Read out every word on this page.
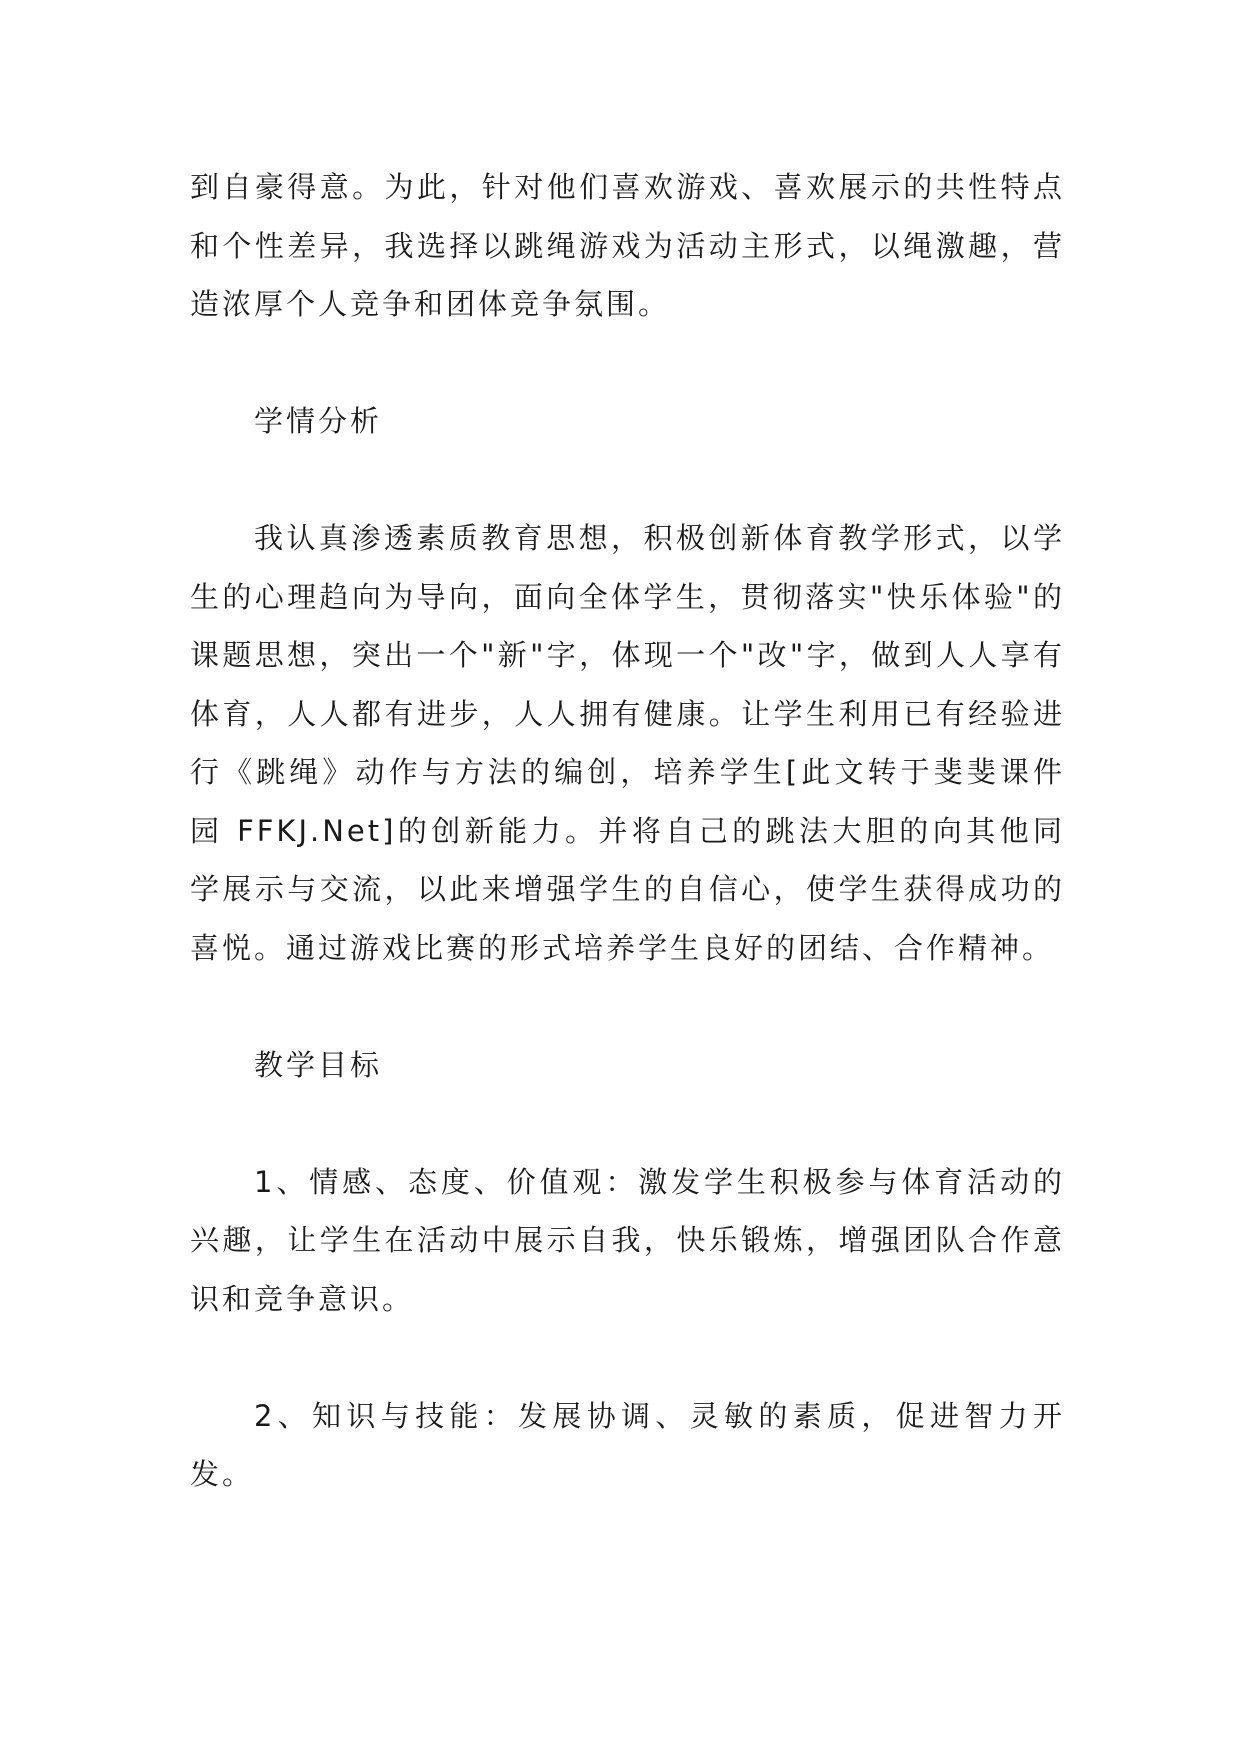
到自豪得意。为此，针对他们喜欢游戏、喜欢展示的共性特点和个性差异，我选择以跳绳游戏为活动主形式，以绳激趣，营造浓厚个人竞争和团体竞争氛围。

学情分析

我认真渗透素质教育思想，积极创新体育教学形式，以学生的心理趋向为导向，面向全体学生，贯彻落实"快乐体验"的课题思想，突出一个"新"字，体现一个"改"字，做到人人享有体育，人人都有进步，人人拥有健康。让学生利用已有经验进行《跳绳》动作与方法的编创，培养学生[此文转于斐斐课件园 FFKJ.Net]的创新能力。并将自己的跳法大胆的向其他同学展示与交流，以此来增强学生的自信心，使学生获得成功的喜悦。通过游戏比赛的形式培养学生良好的团结、合作精神。

教学目标

1、情感、态度、价值观：激发学生积极参与体育活动的兴趣，让学生在活动中展示自我，快乐锻炼，增强团队合作意识和竞争意识。

2、知识与技能：发展协调、灵敏的素质，促进智力开发。
